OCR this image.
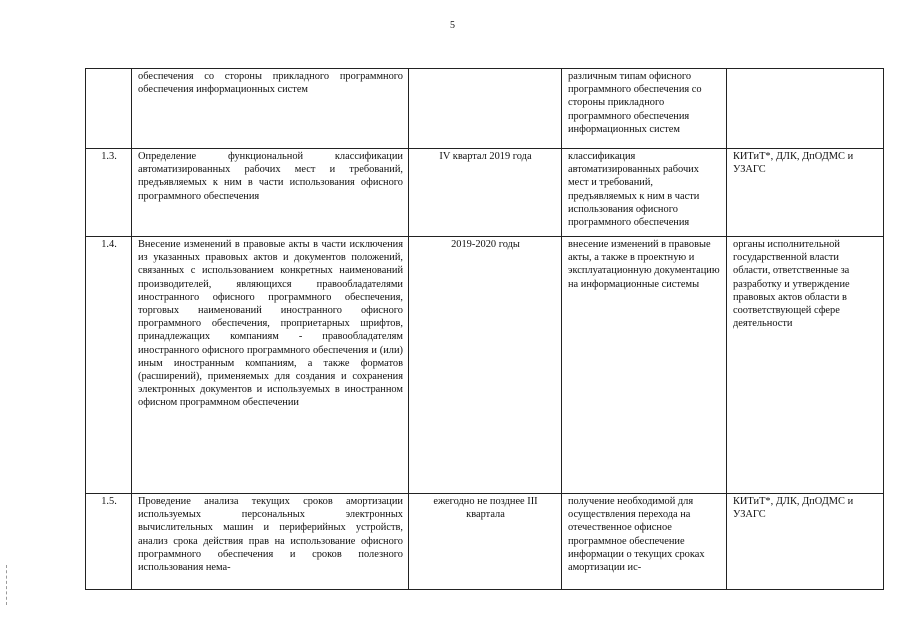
5
	обеспечения со стороны прикладного программного обеспечения информационных систем		различным типам офисного программного обеспечения со стороны прикладного программного обеспечения информационных систем	
1.3.	Определение функциональной классификации автоматизированных рабочих мест и требований, предъявляемых к ним в части использования офисного программного обеспечения	IV квартал 2019 года	классификация автоматизированных рабочих мест и требований, предъявляемых к ним в части использования офисного программного обеспечения	КИТиТ*, ДЛК, ДпОДМС и УЗАГС
1.4.	Внесение изменений в правовые акты в части исключения из указанных правовых актов и документов положений, связанных с использованием конкретных наименований производителей, являющихся правообладателями иностранного офисного программного обеспечения, торговых наименований иностранного офисного программного обеспечения, проприетарных шрифтов, принадлежащих компаниям - правообладателям иностранного офисного программного обеспечения и (или) иным иностранным компаниям, а также форматов (расширений), применяемых для создания и сохранения электронных документов и используемых в иностранном офисном программном обеспечении	2019-2020 годы	внесение изменений в правовые акты, а также в проектную и эксплуатационную документацию на информационные системы	органы исполнительной государственной власти области, ответственные за разработку и утверждение правовых актов области в соответствующей сфере деятельности
1.5.	Проведение анализа текущих сроков амортизации используемых персональных электронных вычислительных машин и периферийных устройств, анализ срока действия прав на использование офисного программного обеспечения и сроков полезного использования нема-	ежегодно не позднее III квартала	получение необходимой для осуществления перехода на отечественное офисное программное обеспечение информации о текущих сроках амортизации ис-	КИТиТ*, ДЛК, ДпОДМС и УЗАГС
